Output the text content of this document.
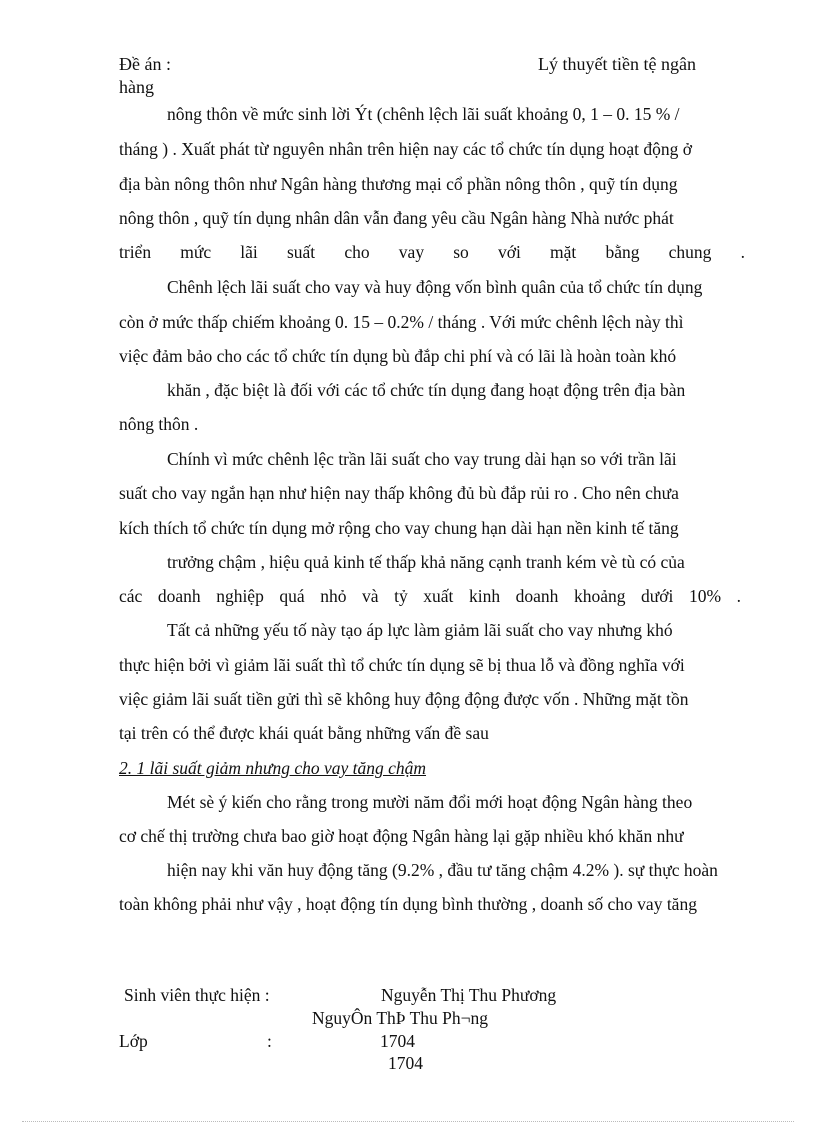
Đề án :	Lý thuyết tiền tệ ngân
hàng
nông thôn về mức sinh lời Ýt (chênh lệch lãi suất khoảng 0, 1 – 0. 15 % /
tháng ) . Xuất phát từ nguyên nhân trên hiện nay các tổ chức tín dụng hoạt động ở
địa bàn nông thôn như Ngân hàng thương mại cổ phần nông thôn , quỹ tín dụng
nông thôn , quỹ tín dụng nhân dân vẫn đang yêu cầu Ngân hàng Nhà nước phát
triển mức lãi suất cho vay so với mặt bằng chung .
Chênh lệch lãi suất cho vay và huy động vốn bình quân của tổ chức tín dụng
còn ở mức thấp chiếm khoảng 0. 15 – 0.2% / tháng . Với mức chênh lệch này thì
việc đảm bảo cho các tổ chức tín dụng bù đắp chi phí và có lãi là hoàn toàn khó
khăn , đặc biệt là đối với các tổ chức tín dụng đang hoạt động trên địa bàn
nông thôn .
Chính vì mức chênh lệc trần lãi suất cho vay trung dài hạn so với trần lãi
suất cho vay ngắn hạn như hiện nay thấp không đủ bù đắp rủi ro . Cho nên chưa
kích thích tổ chức tín dụng mở rộng cho vay chung hạn dài hạn nền kinh tế tăng
trưởng chậm , hiệu quả kinh tế thấp khả năng cạnh tranh kém vè tù có của
các doanh nghiệp quá nhỏ và tỷ xuất kinh doanh khoảng dưới 10% .
Tất cả những yếu tố này tạo áp lực làm giảm lãi suất cho vay nhưng khó
thực hiện bởi vì giảm lãi suất thì tổ chức tín dụng sẽ bị thua lỗ và đồng nghĩa với
việc giảm lãi suất tiền gửi thì sẽ không huy động động được vốn . Những mặt tồn
tại trên có thể được khái quát bằng những vấn đề sau
2. 1 lãi suất giảm nhưng cho vay tăng chậm
Mét sè ý kiến cho rằng trong mười năm đổi mới hoạt động Ngân hàng theo
cơ chế thị trường chưa bao giờ hoạt động Ngân hàng lại gặp nhiều khó khăn như
hiện nay khi văn huy động tăng (9.2% , đầu tư tăng chậm 4.2% ). sự thực hoàn
toàn không phải như vậy , hoạt động tín dụng bình thường , doanh số cho vay tăng
Sinh viên thực hiện :	Nguyễn Thị Thu Phương
NguyÔn ThÞ Thu Ph¬ng
Lớp	:	1704
1704
